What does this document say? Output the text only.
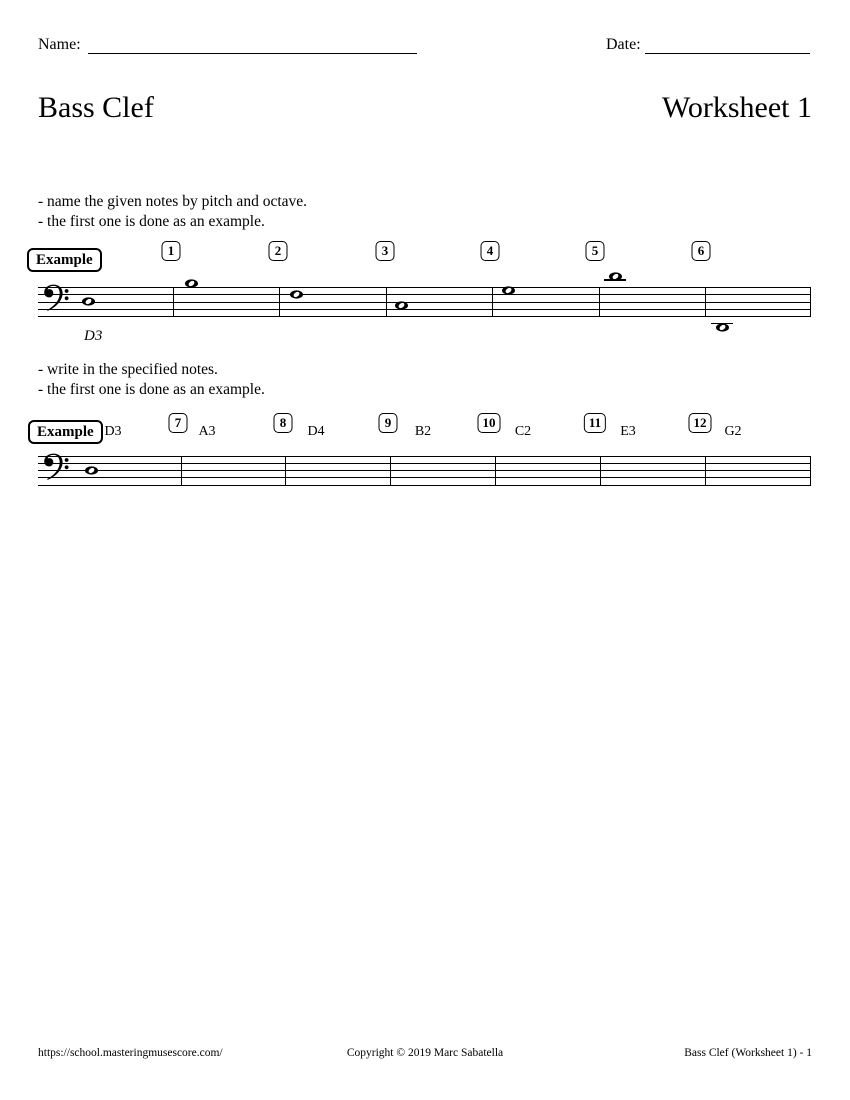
Name:	Date:
Bass Clef	Worksheet 1
- name the given notes by pitch and octave.
- the first one is done as an example.
Example
D3
1	2	3	4	5	6
- write in the specified notes.
- the first one is done as an example.
Example D3
7
A3
8
D4
9
B2
10
C2
11
E3
12
G2
https://school.masteringmusescore.com/	Copyright © 2019 Marc Sabatella	Bass Clef (Worksheet 1) - 1
